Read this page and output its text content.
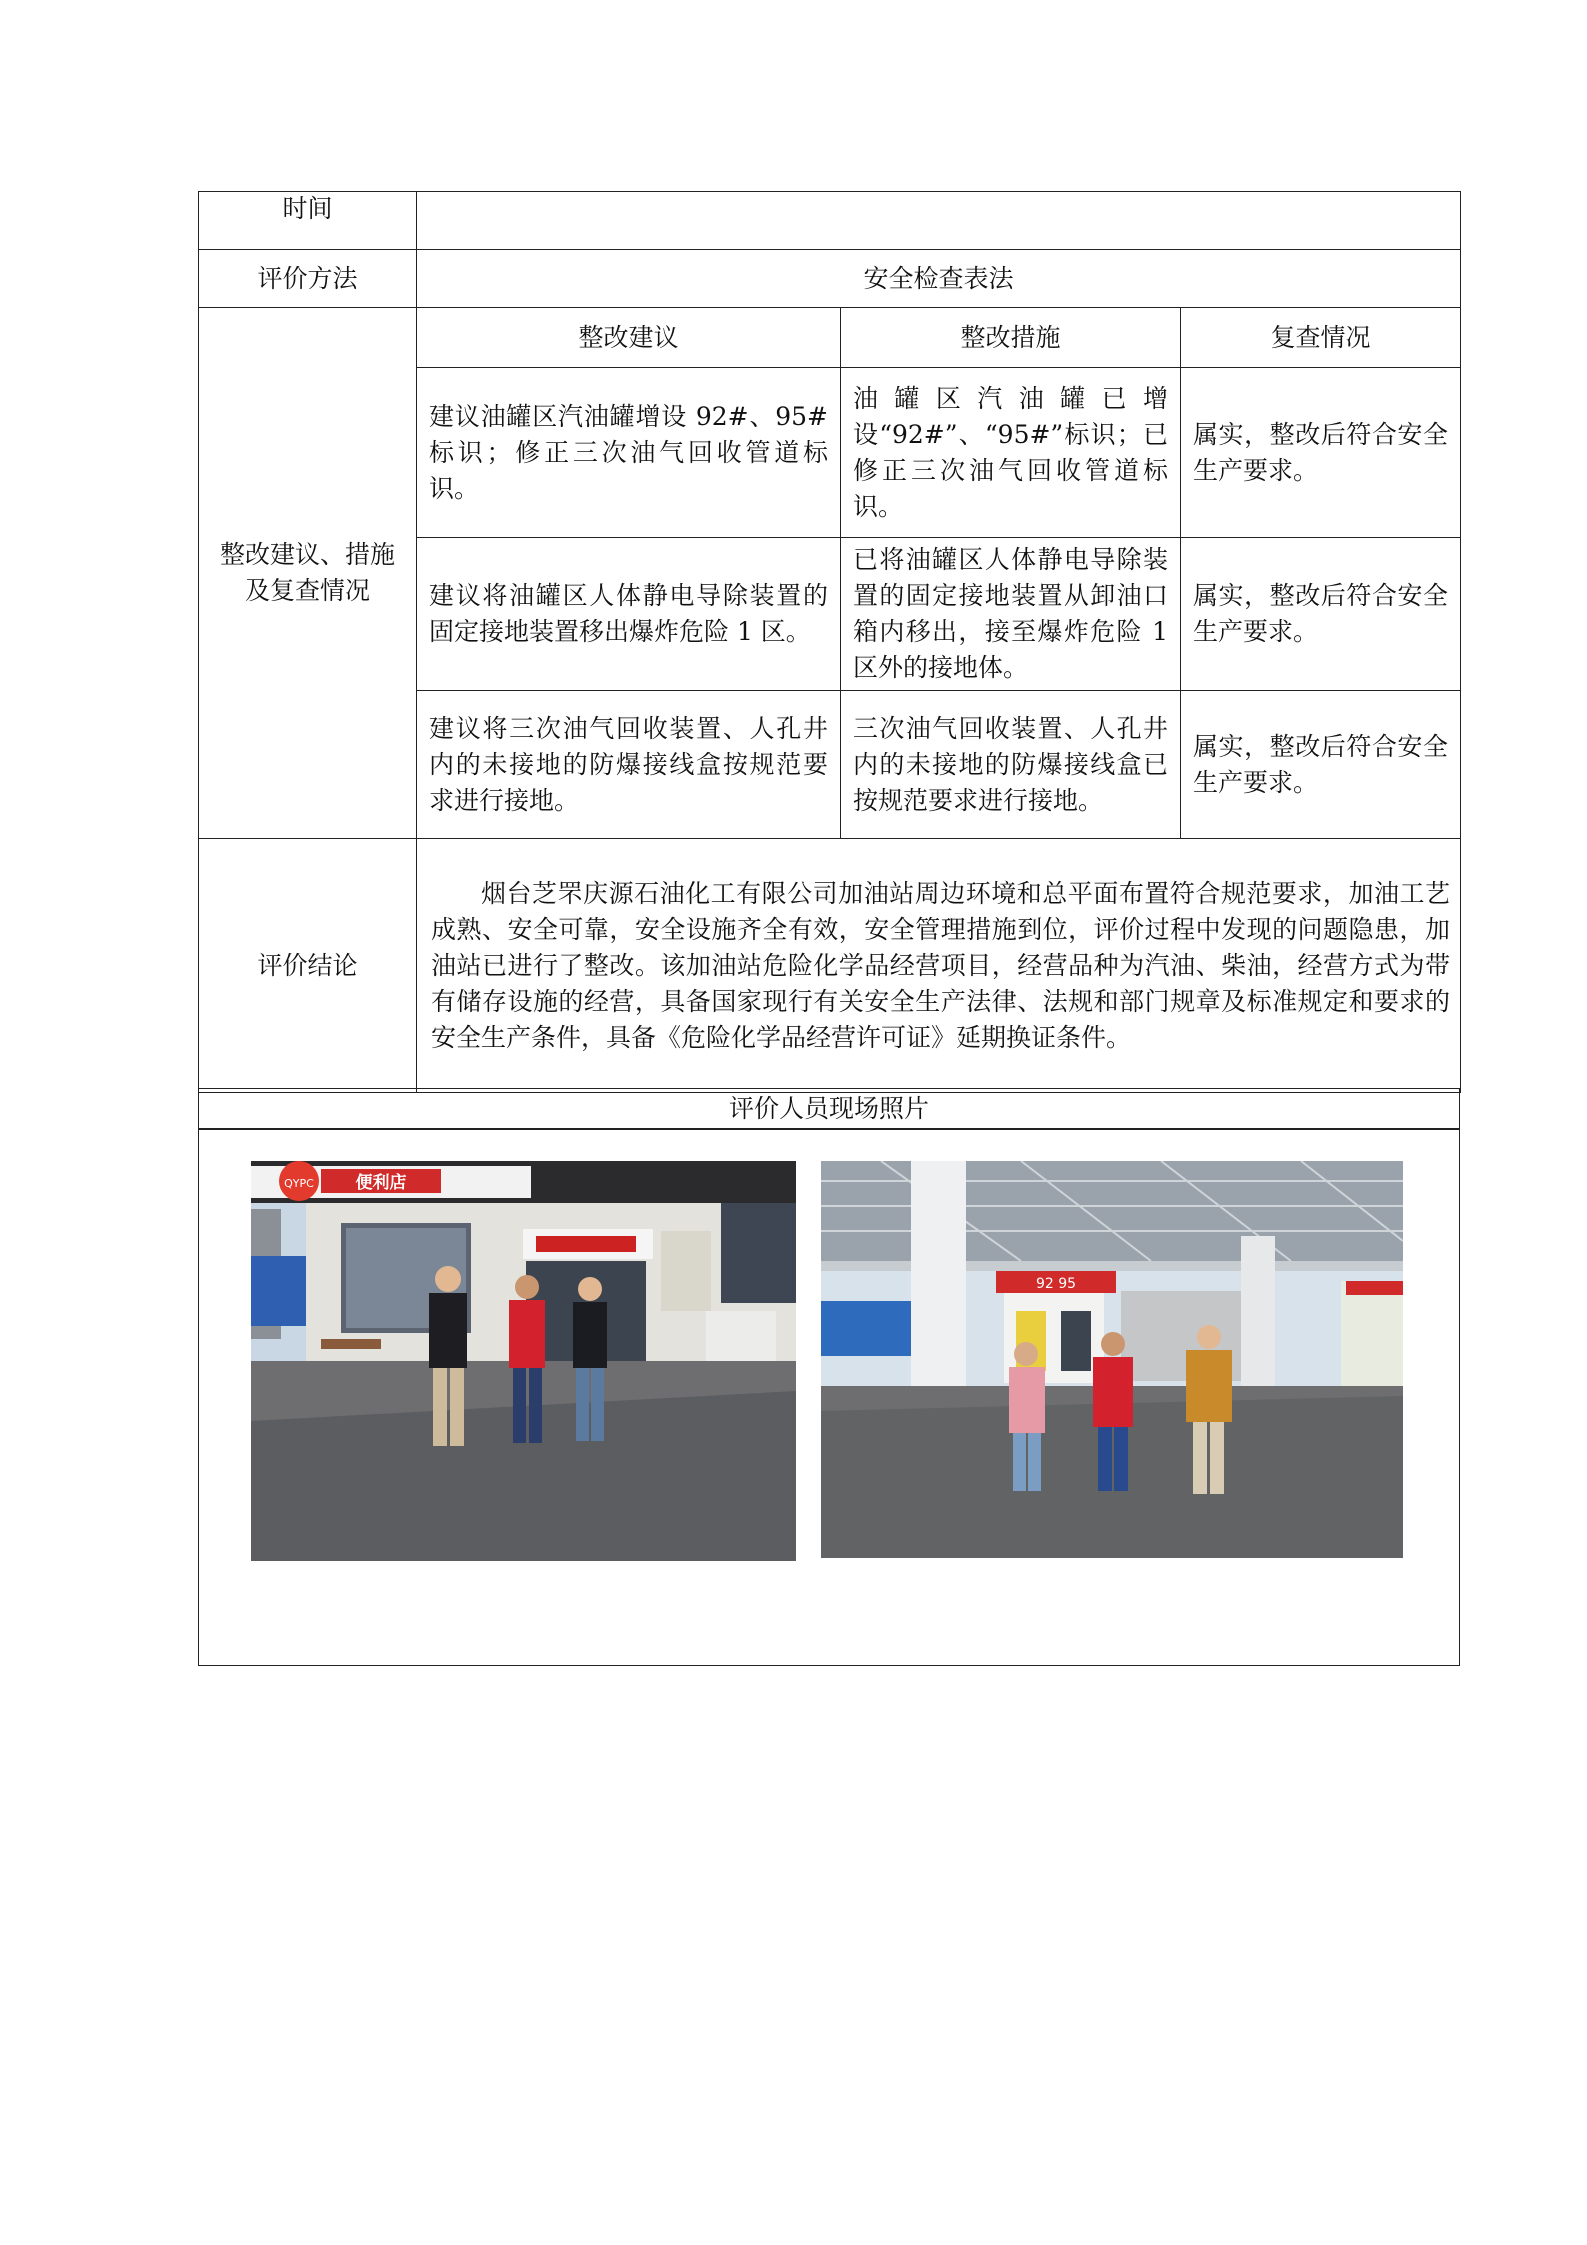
时间			
评价方法	安全检查表法		
整改建议、措施及复查情况	整改建议	整改措施	复查情况
	建议油罐区汽油罐增设 92#、95#标识；修正三次油气回收管道标识。	油罐区汽油罐已增设“92#”、“95#”标识；已修正三次油气回收管道标识。	属实，整改后符合安全生产要求。
	建议将油罐区人体静电导除装置的固定接地装置移出爆炸危险 1 区。	已将油罐区人体静电导除装置的固定接地装置从卸油口箱内移出，接至爆炸危险 1 区外的接地体。	属实，整改后符合安全生产要求。
	建议将三次油气回收装置、人孔井内的未接地的防爆接线盒按规范要求进行接地。	三次油气回收装置、人孔井内的未接地的防爆接线盒已按规范要求进行接地。	属实，整改后符合安全生产要求。
评价结论	烟台芝罘庆源石油化工有限公司加油站周边环境和总平面布置符合规范要求，加油工艺成熟、安全可靠，安全设施齐全有效，安全管理措施到位，评价过程中发现的问题隐患，加油站已进行了整改。该加油站危险化学品经营项目，经营品种为汽油、柴油，经营方式为带有储存设施的经营，具备国家现行有关安全生产法律、法规和部门规章及标准规定和要求的安全生产条件，具备《危险化学品经营许可证》延期换证条件。		
评价人员现场照片
QYPC 便利店
92 95
